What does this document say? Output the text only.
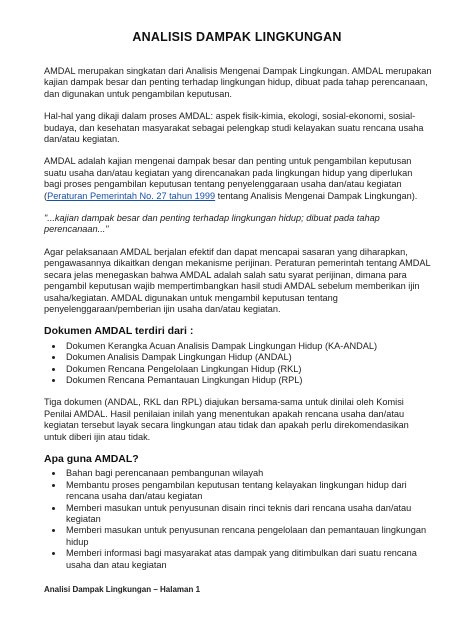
ANALISIS DAMPAK LINGKUNGAN

AMDAL merupakan singkatan dari Analisis Mengenai Dampak Lingkungan. AMDAL merupakan kajian dampak besar dan penting terhadap lingkungan hidup, dibuat pada tahap perencanaan, dan digunakan untuk pengambilan keputusan.

Hal-hal yang dikaji dalam proses AMDAL: aspek fisik-kimia, ekologi, sosial-ekonomi, sosial-budaya, dan kesehatan masyarakat sebagai pelengkap studi kelayakan suatu rencana usaha dan/atau kegiatan.

AMDAL adalah kajian mengenai dampak besar dan penting untuk pengambilan keputusan suatu usaha dan/atau kegiatan yang direncanakan pada lingkungan hidup yang diperlukan bagi proses pengambilan keputusan tentang penyelenggaraan usaha dan/atau kegiatan (Peraturan Pemerintah No. 27 tahun 1999 tentang Analisis Mengenai Dampak Lingkungan).

"...kajian dampak besar dan penting terhadap lingkungan hidup; dibuat pada tahap perencanaan..."

Agar pelaksanaan AMDAL berjalan efektif dan dapat mencapai sasaran yang diharapkan, pengawasannya dikaitkan dengan mekanisme perijinan. Peraturan pemerintah tentang AMDAL secara jelas menegaskan bahwa AMDAL adalah salah satu syarat perijinan, dimana para pengambil keputusan wajib mempertimbangkan hasil studi AMDAL sebelum memberikan ijin usaha/kegiatan. AMDAL digunakan untuk mengambil keputusan tentang penyelenggaraan/pemberian ijin usaha dan/atau kegiatan.

Dokumen AMDAL terdiri dari :
• Dokumen Kerangka Acuan Analisis Dampak Lingkungan Hidup (KA-ANDAL)
• Dokumen Analisis Dampak Lingkungan Hidup (ANDAL)
• Dokumen Rencana Pengelolaan Lingkungan Hidup (RKL)
• Dokumen Rencana Pemantauan Lingkungan Hidup (RPL)

Tiga dokumen (ANDAL, RKL dan RPL) diajukan bersama-sama untuk dinilai oleh Komisi Penilai AMDAL. Hasil penilaian inilah yang menentukan apakah rencana usaha dan/atau kegiatan tersebut layak secara lingkungan atau tidak dan apakah perlu direkomendasikan untuk diberi ijin atau tidak.

Apa guna AMDAL?
• Bahan bagi perencanaan pembangunan wilayah
• Membantu proses pengambilan keputusan tentang kelayakan lingkungan hidup dari rencana usaha dan/atau kegiatan
• Memberi masukan untuk penyusunan disain rinci teknis dari rencana usaha dan/atau kegiatan
• Memberi masukan untuk penyusunan rencana pengelolaan dan pemantauan lingkungan hidup
• Memberi informasi bagi masyarakat atas dampak yang ditimbulkan dari suatu rencana usaha dan atau kegiatan
Analisi Dampak Lingkungan – Halaman 1
